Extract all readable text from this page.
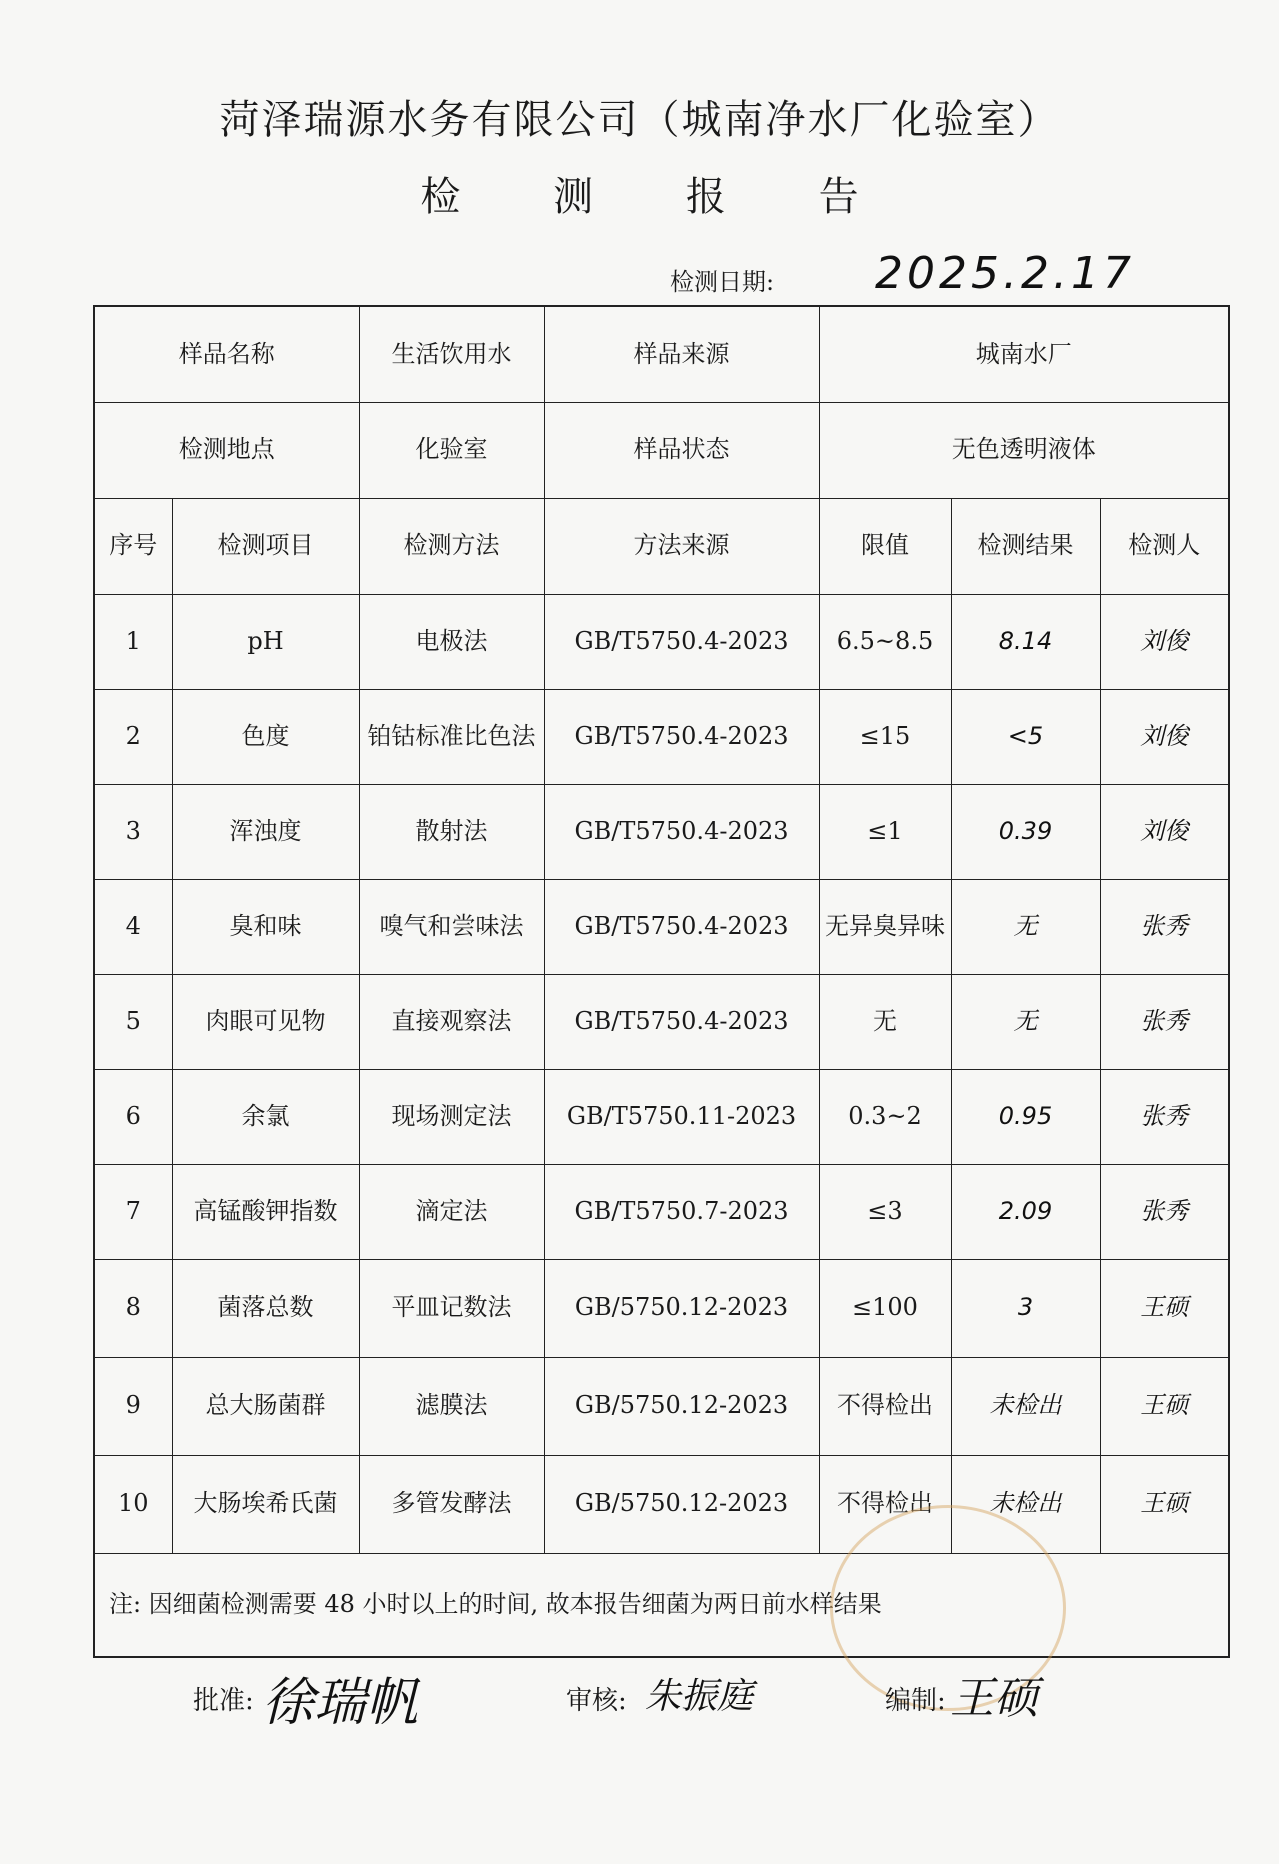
菏泽瑞源水务有限公司（城南净水厂化验室）
检 测 报 告
检测日期: 2025.2.17
样品名称		生活饮用水	样品来源	城南水厂		
检测地点		化验室	样品状态	无色透明液体		
序号	检测项目	检测方法	方法来源	限值	检测结果	检测人
1	pH	电极法	GB/T5750.4-2023	6.5~8.5	8.14	刘俊
2	色度	铂钴标准比色法	GB/T5750.4-2023	≤15	<5	刘俊
3	浑浊度	散射法	GB/T5750.4-2023	≤1	0.39	刘俊
4	臭和味	嗅气和尝味法	GB/T5750.4-2023	无异臭异味	无	张秀
5	肉眼可见物	直接观察法	GB/T5750.4-2023	无	无	张秀
6	余氯	现场测定法	GB/T5750.11-2023	0.3~2	0.95	张秀
7	高锰酸钾指数	滴定法	GB/T5750.7-2023	≤3	2.09	张秀
8	菌落总数	平皿记数法	GB/5750.12-2023	≤100	3	王硕
9	总大肠菌群	滤膜法	GB/5750.12-2023	不得检出	未检出	王硕
10	大肠埃希氏菌	多管发酵法	GB/5750.12-2023	不得检出	未检出	王硕
注: 因细菌检测需要 48 小时以上的时间, 故本报告细菌为两日前水样结果						
批准: 徐瑞帆	审核: 朱振庭	编制: 王硕
